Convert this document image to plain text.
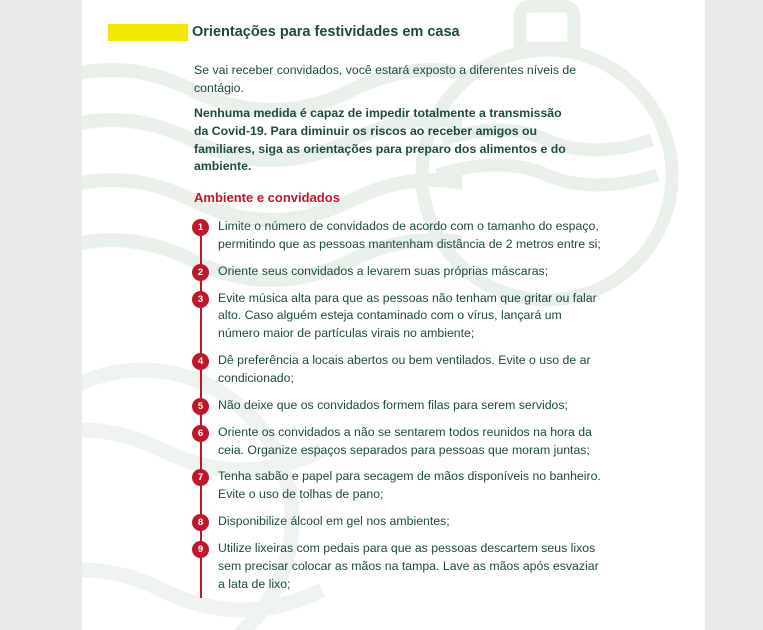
Orientações para festividades em casa
Se vai receber convidados, você estará exposto a diferentes níveis de contágio.
Nenhuma medida é capaz de impedir totalmente a transmissão da Covid-19. Para diminuir os riscos ao receber amigos ou familiares, siga as orientações para preparo dos alimentos e do ambiente.
Ambiente e convidados
1	Limite o número de convidados de acordo com o tamanho do espaço, permitindo que as pessoas mantenham distância de 2 metros entre si;
2	Oriente seus convidados a levarem suas próprias máscaras;
3	Evite música alta para que as pessoas não tenham que gritar ou falar alto. Caso alguém esteja contaminado com o vírus, lançará um número maior de partículas virais no ambiente;
4	Dê preferência a locais abertos ou bem ventilados. Evite o uso de ar condicionado;
5	Não deixe que os convidados formem filas para serem servidos;
6	Oriente os convidados a não se sentarem todos reunidos na hora da ceia. Organize espaços separados para pessoas que moram juntas;
7	Tenha sabão e papel para secagem de mãos disponíveis no banheiro. Evite o uso de tolhas de pano;
8	Disponibilize álcool em gel nos ambientes;
9	Utilize lixeiras com pedais para que as pessoas descartem seus lixos sem precisar colocar as mãos na tampa. Lave as mãos após esvaziar a lata de lixo;
